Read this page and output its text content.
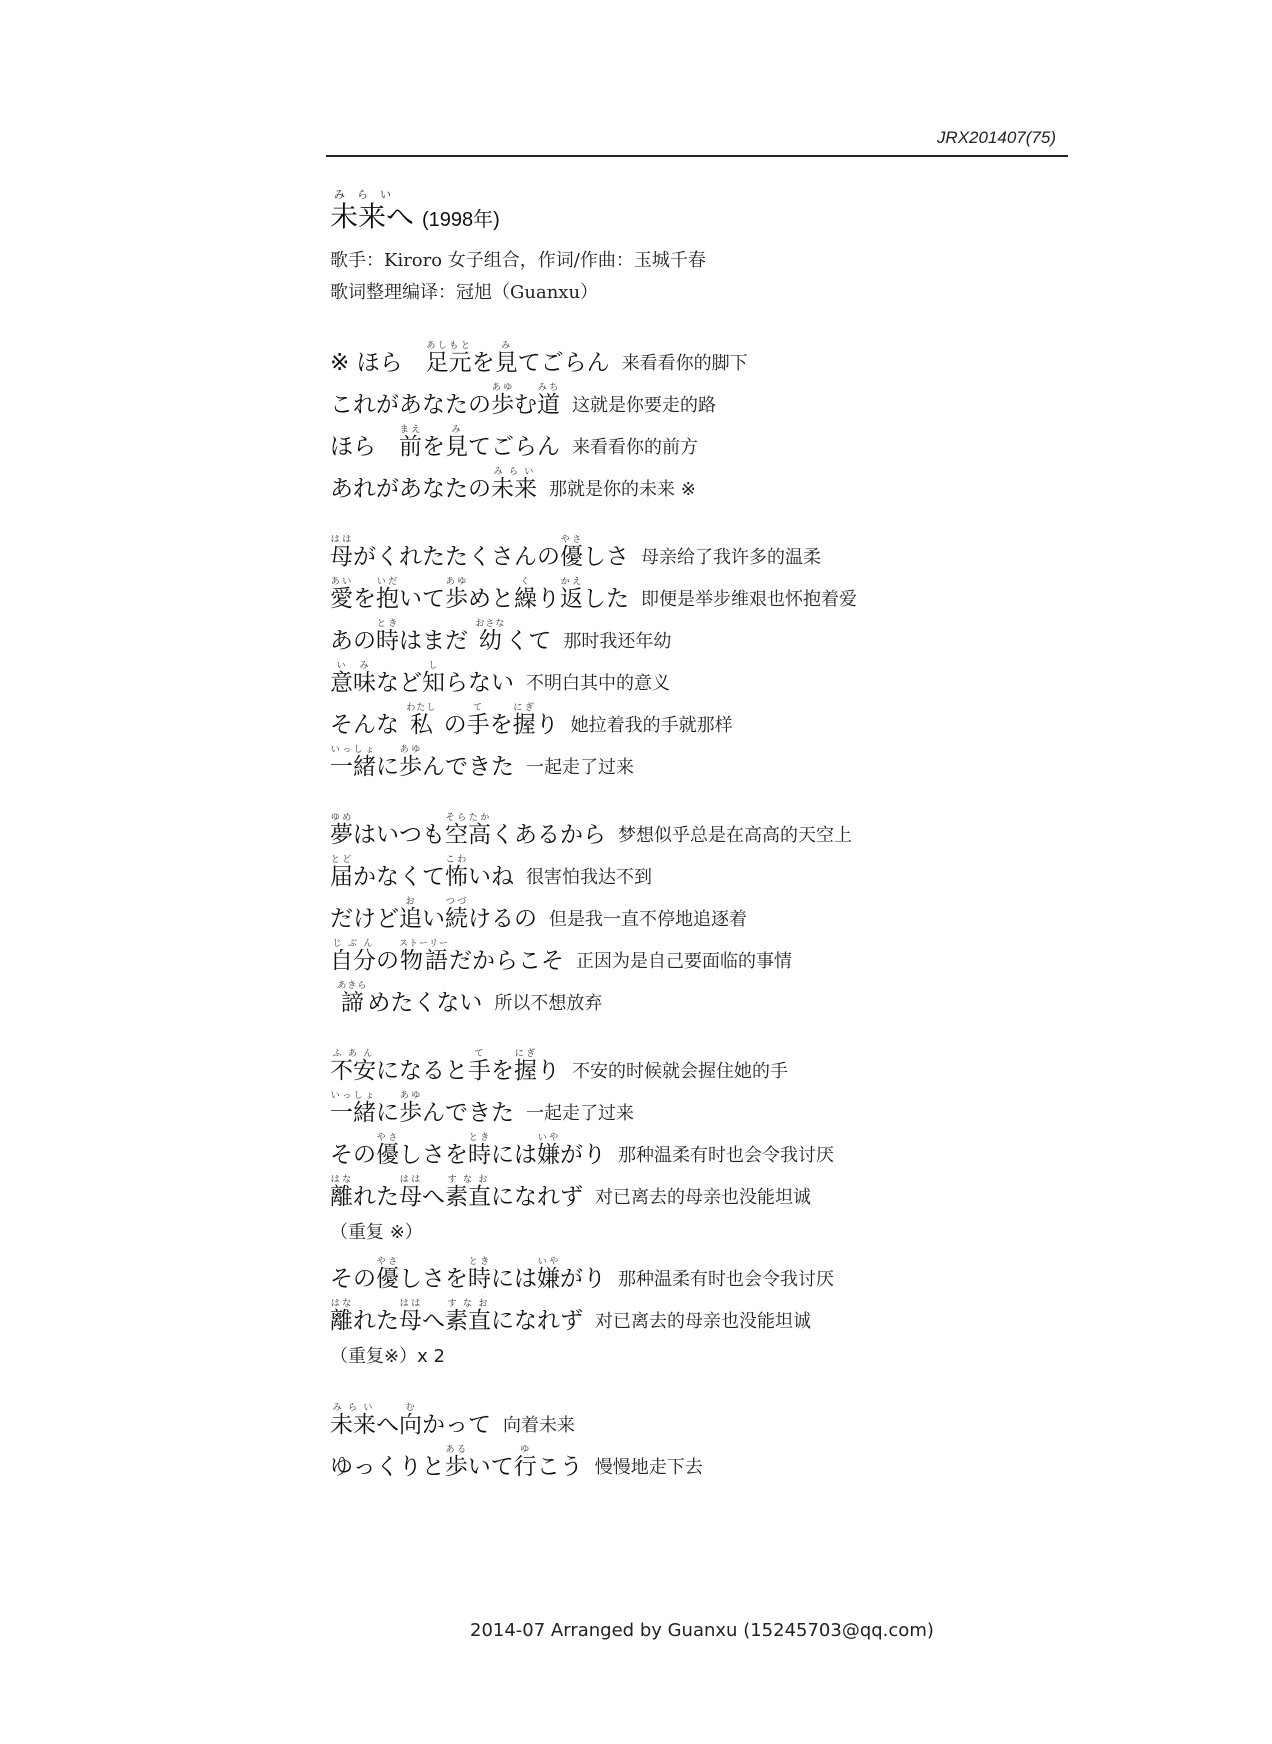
JRX201407(75)
みらい
未来へ (1998年)
歌手：Kiroro 女子组合，作词/作曲：玉城千春
歌词整理编译：冠旭（Guanxu）
※ ほら　 足元あしもと
を 見み
てごらん 来看看你的脚下
これがあなたの 歩あゆ
む 道みち
这就是你要走的路
ほら　 前まえ
を 見み
てごらん 来看看你的前方
あれがあなたの 未来みらい
那就是你的未来 ※
母はは
がくれたたくさんの 優やさ
しさ 母亲给了我许多的温柔
愛あい
を 抱いだ
いて 歩あゆ
めと 繰く
り 返かえ
した 即便是举步维艰也怀抱着爱
あの 時とき
はまだ 幼おさな
くて 那时我还年幼
意味いみ
など 知し
らない 不明白其中的意义
そんな 私わたし
の 手て
を 握にぎ
り 她拉着我的手就那样
一緒いっしょ
に 歩あゆ
んできた 一起走了过来
夢ゆめ
はいつも 空高そらたか
くあるから 梦想似乎总是在高高的天空上
届とど
かなくて 怖こわ
いね 很害怕我达不到
だけど 追お
い 続つづ
けるの 但是我一直不停地追逐着
自分じぶん
の 物語ストーリー
だからこそ 正因为是自己要面临的事情

諦あきら
めたくない 所以不想放弃
不安ふあん
になると 手て
を 握にぎ
り 不安的时候就会握住她的手
一緒いっしょ
に 歩あゆ
んできた 一起走了过来
その 優やさ
しさを 時とき
には 嫌いや
がり 那种温柔有时也会令我讨厌
離はな
れた 母はは
へ 素直すなお
になれず 对已离去的母亲也没能坦诚
（重复 ※）
その 優やさ
しさを 時とき
には 嫌いや
がり 那种温柔有时也会令我讨厌
離はな
れた 母はは
へ 素直すなお
になれず 对已离去的母亲也没能坦诚
（重复※）x 2
未来みらい
へ 向む
かって 向着未来
ゆっくりと 歩ある
いて 行ゆ
こう 慢慢地走下去
2014-07 Arranged by Guanxu (15245703@qq.com)
